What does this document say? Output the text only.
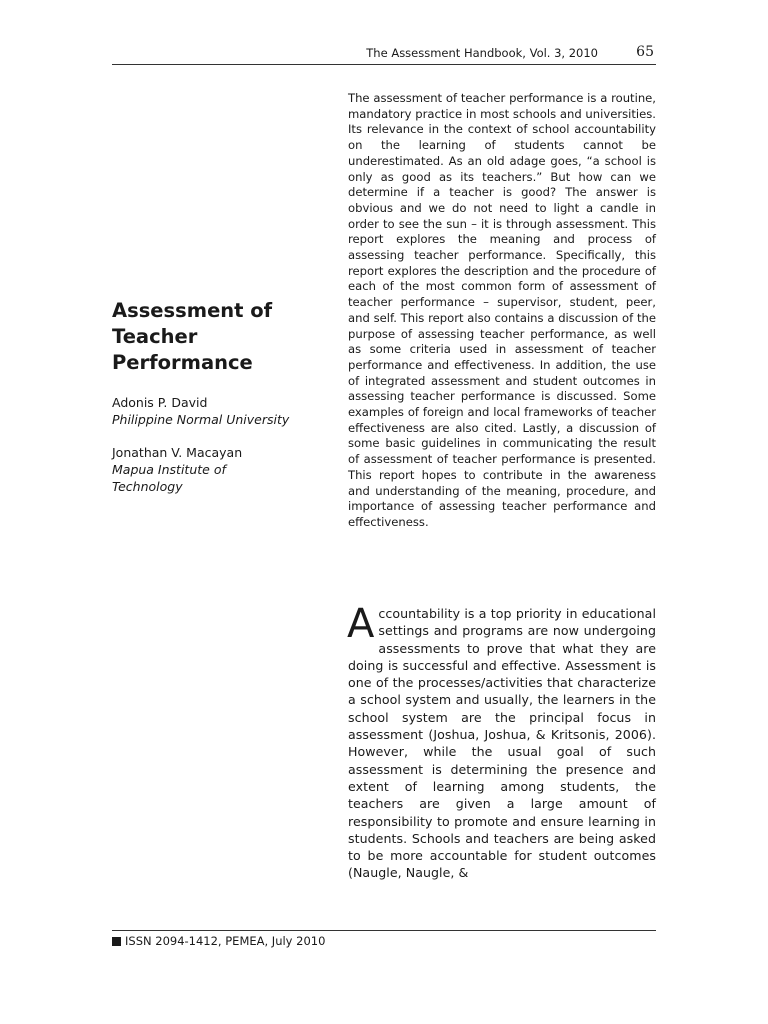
The Assessment Handbook, Vol. 3, 2010	65
Assessment of Teacher Performance
Adonis P. David
Philippine Normal University
Jonathan V. Macayan
Mapua Institute of Technology
The assessment of teacher performance is a routine, mandatory practice in most schools and universities. Its relevance in the context of school accountability on the learning of students cannot be underestimated. As an old adage goes, “a school is only as good as its teachers.” But how can we determine if a teacher is good? The answer is obvious and we do not need to light a candle in order to see the sun – it is through assessment. This report explores the meaning and process of assessing teacher performance. Specifically, this report explores the description and the procedure of each of the most common form of assessment of teacher performance – supervisor, student, peer, and self. This report also contains a discussion of the purpose of assessing teacher performance, as well as some criteria used in assessment of teacher performance and effectiveness. In addition, the use of integrated assessment and student outcomes in assessing teacher performance is discussed. Some examples of foreign and local frameworks of teacher effectiveness are also cited. Lastly, a discussion of some basic guidelines in communicating the result of assessment of teacher performance is presented. This report hopes to contribute in the awareness and understanding of the meaning, procedure, and importance of assessing teacher performance and effectiveness.
Accountability is a top priority in educational settings and programs are now undergoing assessments to prove that what they are doing is successful and effective. Assessment is one of the processes/activities that characterize a school system and usually, the learners in the school system are the principal focus in assessment (Joshua, Joshua, & Kritsonis, 2006). However, while the usual goal of such assessment is determining the presence and extent of learning among students, the teachers are given a large amount of responsibility to promote and ensure learning in students. Schools and teachers are being asked to be more accountable for student outcomes (Naugle, Naugle, &
ISSN 2094-1412, PEMEA, July 2010
